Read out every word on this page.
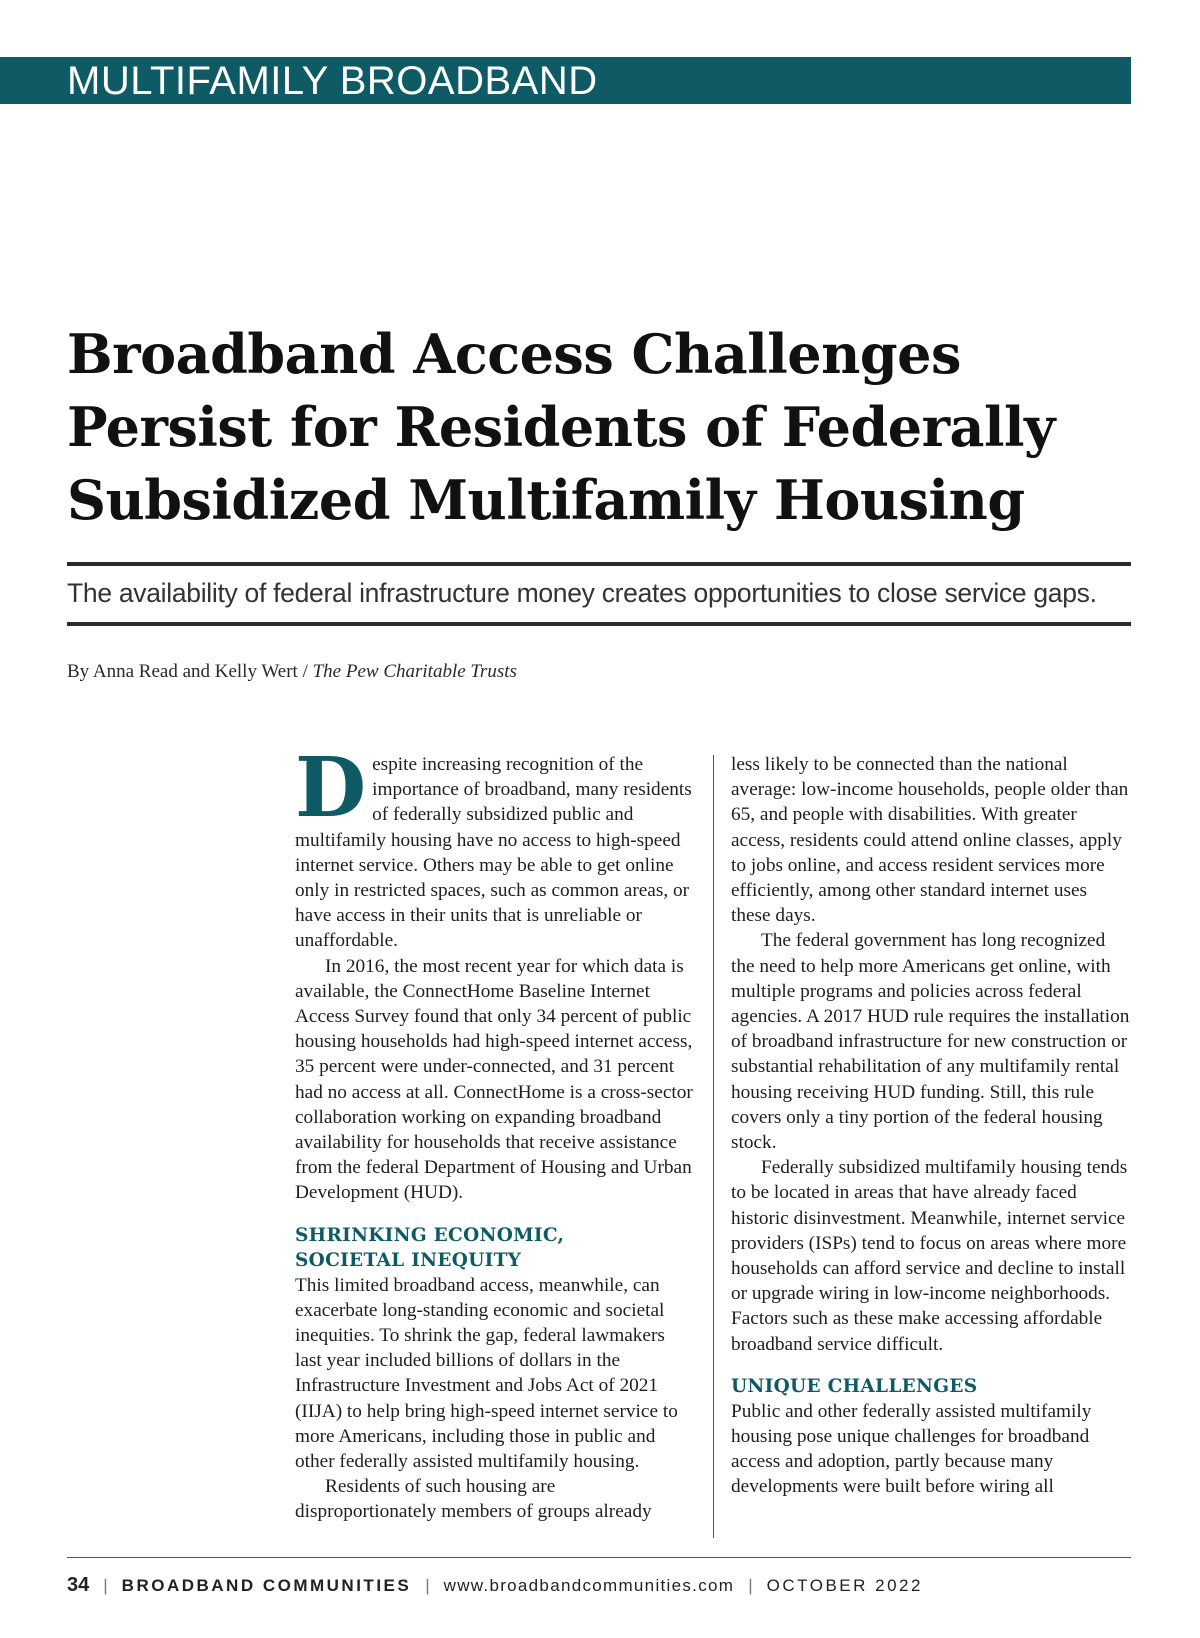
MULTIFAMILY BROADBAND
Broadband Access Challenges Persist for Residents of Federally Subsidized Multifamily Housing

The availability of federal infrastructure money creates opportunities to close service gaps.

By Anna Read and Kelly Wert / The Pew Charitable Trusts

Despite increasing recognition of the importance of broadband, many residents of federally subsidized public and multifamily housing have no access to high-speed internet service. Others may be able to get online only in restricted spaces, such as common areas, or have access in their units that is unreliable or unaffordable.

In 2016, the most recent year for which data is available, the ConnectHome Baseline Internet Access Survey found that only 34 percent of public housing households had high-speed internet access, 35 percent were under-connected, and 31 percent had no access at all. ConnectHome is a cross-sector collaboration working on expanding broadband availability for households that receive assistance from the federal Department of Housing and Urban Development (HUD).

SHRINKING ECONOMIC,
SOCIETAL INEQUITY

This limited broadband access, meanwhile, can exacerbate long-standing economic and societal inequities. To shrink the gap, federal lawmakers last year included billions of dollars in the Infrastructure Investment and Jobs Act of 2021 (IIJA) to help bring high-speed internet service to more Americans, including those in public and other federally assisted multifamily housing.

Residents of such housing are disproportionately members of groups already

less likely to be connected than the national average: low-income households, people older than 65, and people with disabilities. With greater access, residents could attend online classes, apply to jobs online, and access resident services more efficiently, among other standard internet uses these days.

The federal government has long recognized the need to help more Americans get online, with multiple programs and policies across federal agencies. A 2017 HUD rule requires the installation of broadband infrastructure for new construction or substantial rehabilitation of any multifamily rental housing receiving HUD funding. Still, this rule covers only a tiny portion of the federal housing stock.

Federally subsidized multifamily housing tends to be located in areas that have already faced historic disinvestment. Meanwhile, internet service providers (ISPs) tend to focus on areas where more households can afford service and decline to install or upgrade wiring in low-income neighborhoods. Factors such as these make accessing affordable broadband service difficult.

UNIQUE CHALLENGES

Public and other federally assisted multifamily housing pose unique challenges for broadband access and adoption, partly because many developments were built before wiring all

34 | BROADBAND COMMUNITIES | www.broadbandcommunities.com | OCTOBER 2022
